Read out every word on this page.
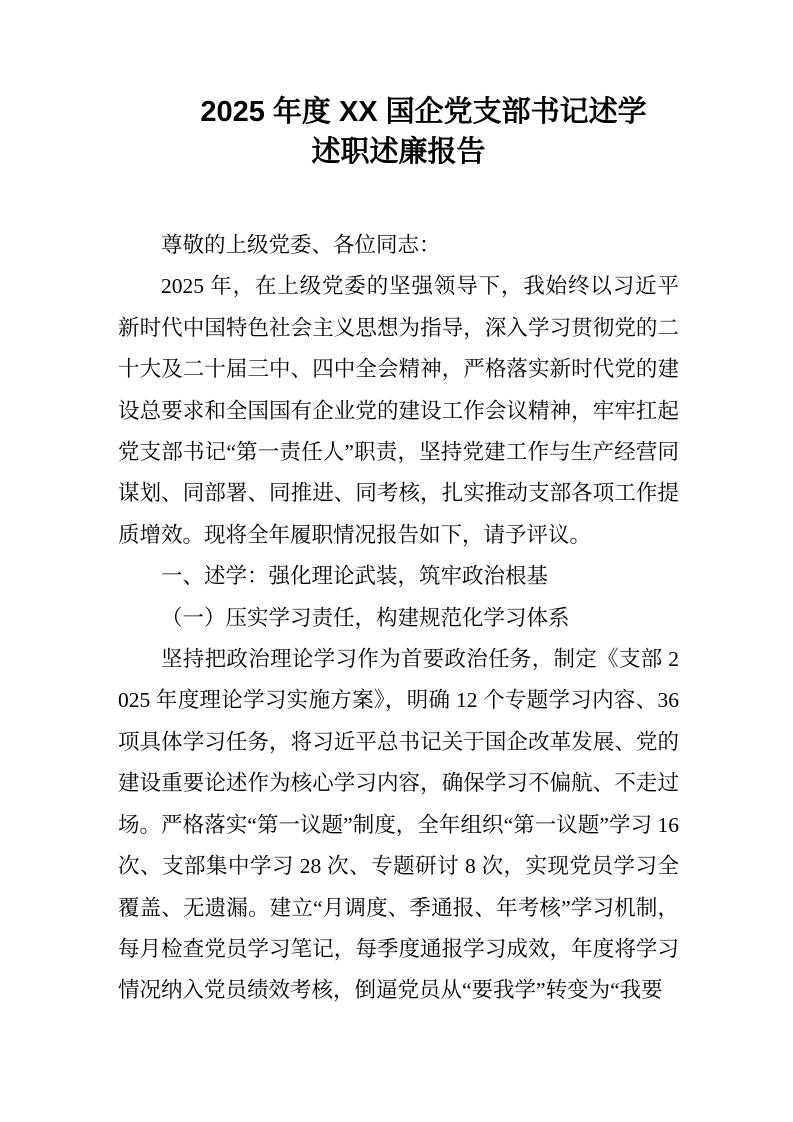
2025 年度 XX 国企党支部书记述学
述职述廉报告

尊敬的上级党委、各位同志：

2025 年，在上级党委的坚强领导下，我始终以习近平新时代中国特色社会主义思想为指导，深入学习贯彻党的二十大及二十届三中、四中全会精神，严格落实新时代党的建设总要求和全国国有企业党的建设工作会议精神，牢牢扛起党支部书记“第一责任人”职责，坚持党建工作与生产经营同谋划、同部署、同推进、同考核，扎实推动支部各项工作提质增效。现将全年履职情况报告如下，请予评议。

一、述学：强化理论武装，筑牢政治根基

（一）压实学习责任，构建规范化学习体系

坚持把政治理论学习作为首要政治任务，制定《支部 2025 年度理论学习实施方案》，明确 12 个专题学习内容、36 项具体学习任务，将习近平总书记关于国企改革发展、党的建设重要论述作为核心学习内容，确保学习不偏航、不走过场。严格落实“第一议题”制度，全年组织“第一议题”学习 16 次、支部集中学习 28 次、专题研讨 8 次，实现党员学习全覆盖、无遗漏。建立“月调度、季通报、年考核”学习机制，每月检查党员学习笔记，每季度通报学习成效，年度将学习情况纳入党员绩效考核，倒逼党员从“要我学”转变为“我要
